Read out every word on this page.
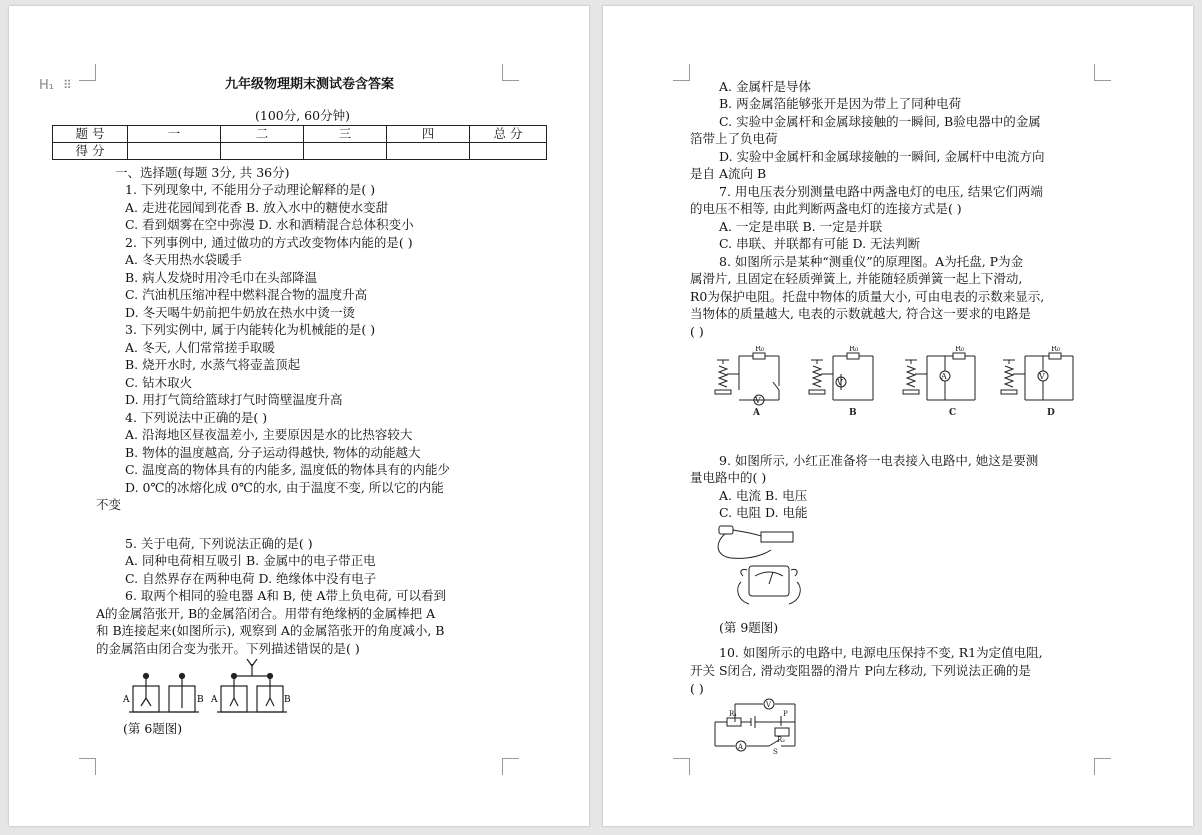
H₁ ⠿	九年级物理期末测试卷含答案
(100分, 60分钟)
题 号	一	二	三	四	总 分
得 分					
一、选择题(每题 3分, 共 36分)
1. 下列现象中, 不能用分子动理论解释的是( )
A. 走进花园闻到花香 B. 放入水中的糖使水变甜
C. 看到烟雾在空中弥漫 D. 水和酒精混合总体积变小
2. 下列事例中, 通过做功的方式改变物体内能的是( )
A. 冬天用热水袋暖手
B. 病人发烧时用冷毛巾在头部降温
C. 汽油机压缩冲程中燃料混合物的温度升高
D. 冬天喝牛奶前把牛奶放在热水中烫一烫
3. 下列实例中, 属于内能转化为机械能的是( )
A. 冬天, 人们常常搓手取暖
B. 烧开水时, 水蒸气将壶盖顶起
C. 钻木取火
D. 用打气筒给篮球打气时筒壁温度升高
4. 下列说法中正确的是( )
A. 沿海地区昼夜温差小, 主要原因是水的比热容较大
B. 物体的温度越高, 分子运动得越快, 物体的动能越大
C. 温度高的物体具有的内能多, 温度低的物体具有的内能少
D. 0℃的冰熔化成 0℃的水, 由于温度不变, 所以它的内能
不变
5. 关于电荷, 下列说法正确的是( )
A. 同种电荷相互吸引 B. 金属中的电子带正电
C. 自然界存在两种电荷 D. 绝缘体中没有电子
6. 取两个相同的验电器 A和 B, 使 A带上负电荷, 可以看到
A的金属箔张开, B的金属箔闭合。用带有绝缘柄的金属棒把 A
和 B连接起来(如图所示), 观察到 A的金属箔张开的角度减小, B
的金属箔由闭合变为张开。下列描述错误的是( )
A	B A	B
(第 6题图)
A. 金属杆是导体
B. 两金属箔能够张开是因为带上了同种电荷
C. 实验中金属杆和金属球接触的一瞬间, B验电器中的金属
箔带上了负电荷
D. 实验中金属杆和金属球接触的一瞬间, 金属杆中电流方向
是自 A流向 B
7. 用电压表分别测量电路中两盏电灯的电压, 结果它们两端
的电压不相等, 由此判断两盏电灯的连接方式是( )
A. 一定是串联 B. 一定是并联
C. 串联、并联都有可能 D. 无法判断
8. 如图所示是某种“测重仪”的原理图。A为托盘, P为金
属滑片, 且固定在轻质弹簧上, 并能随轻质弹簧一起上下滑动,
R0为保护电阻。托盘中物体的质量大小, 可由电表的示数来显示,
当物体的质量越大, 电表的示数就越大, 符合这一要求的电路是
( )
R₀
V
R₀
V
R₀
A
R₀
V
A	B	C	D
9. 如图所示, 小红正准备将一电表接入电路中, 她这是要测
量电路中的( )
A. 电流 B. 电压
C. 电阻 D. 电能
(第 9题图)
10. 如图所示的电路中, 电源电压保持不变, R1为定值电阻,
开关 S闭合, 滑动变阻器的滑片 P向左移动, 下列说法正确的是
( )
V
R₁	P
R₂
A
S
